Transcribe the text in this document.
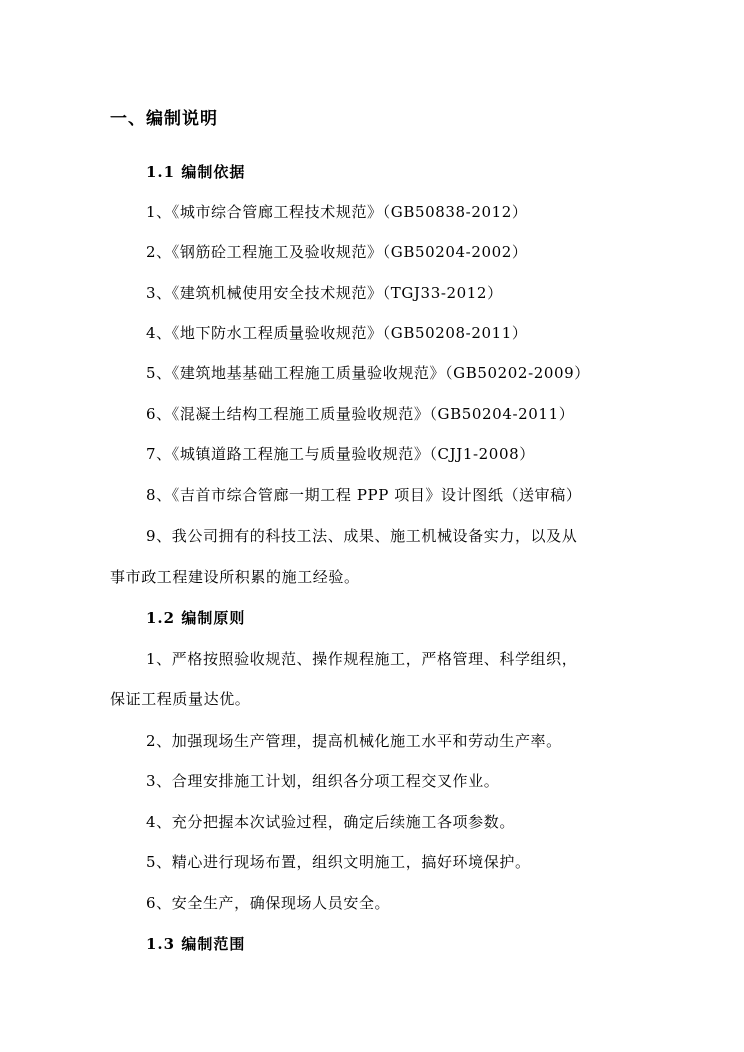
一、编制说明
1.1 编制依据
1、《城市综合管廊工程技术规范》（GB50838-2012）
2、《钢筋砼工程施工及验收规范》（GB50204-2002）
3、《建筑机械使用安全技术规范》（TGJ33-2012）
4、《地下防水工程质量验收规范》（GB50208-2011）
5、《建筑地基基础工程施工质量验收规范》（GB50202-2009）
6、《混凝土结构工程施工质量验收规范》（GB50204-2011）
7、《城镇道路工程施工与质量验收规范》（CJJ1-2008）
8、《吉首市综合管廊一期工程 PPP 项目》设计图纸（送审稿）
9、我公司拥有的科技工法、成果、施工机械设备实力，以及从
事市政工程建设所积累的施工经验。
1.2 编制原则
1、严格按照验收规范、操作规程施工，严格管理、科学组织，
保证工程质量达优。
2、加强现场生产管理，提高机械化施工水平和劳动生产率。
3、合理安排施工计划，组织各分项工程交叉作业。
4、充分把握本次试验过程，确定后续施工各项参数。
5、精心进行现场布置，组织文明施工，搞好环境保护。
6、安全生产，确保现场人员安全。
1.3 编制范围
